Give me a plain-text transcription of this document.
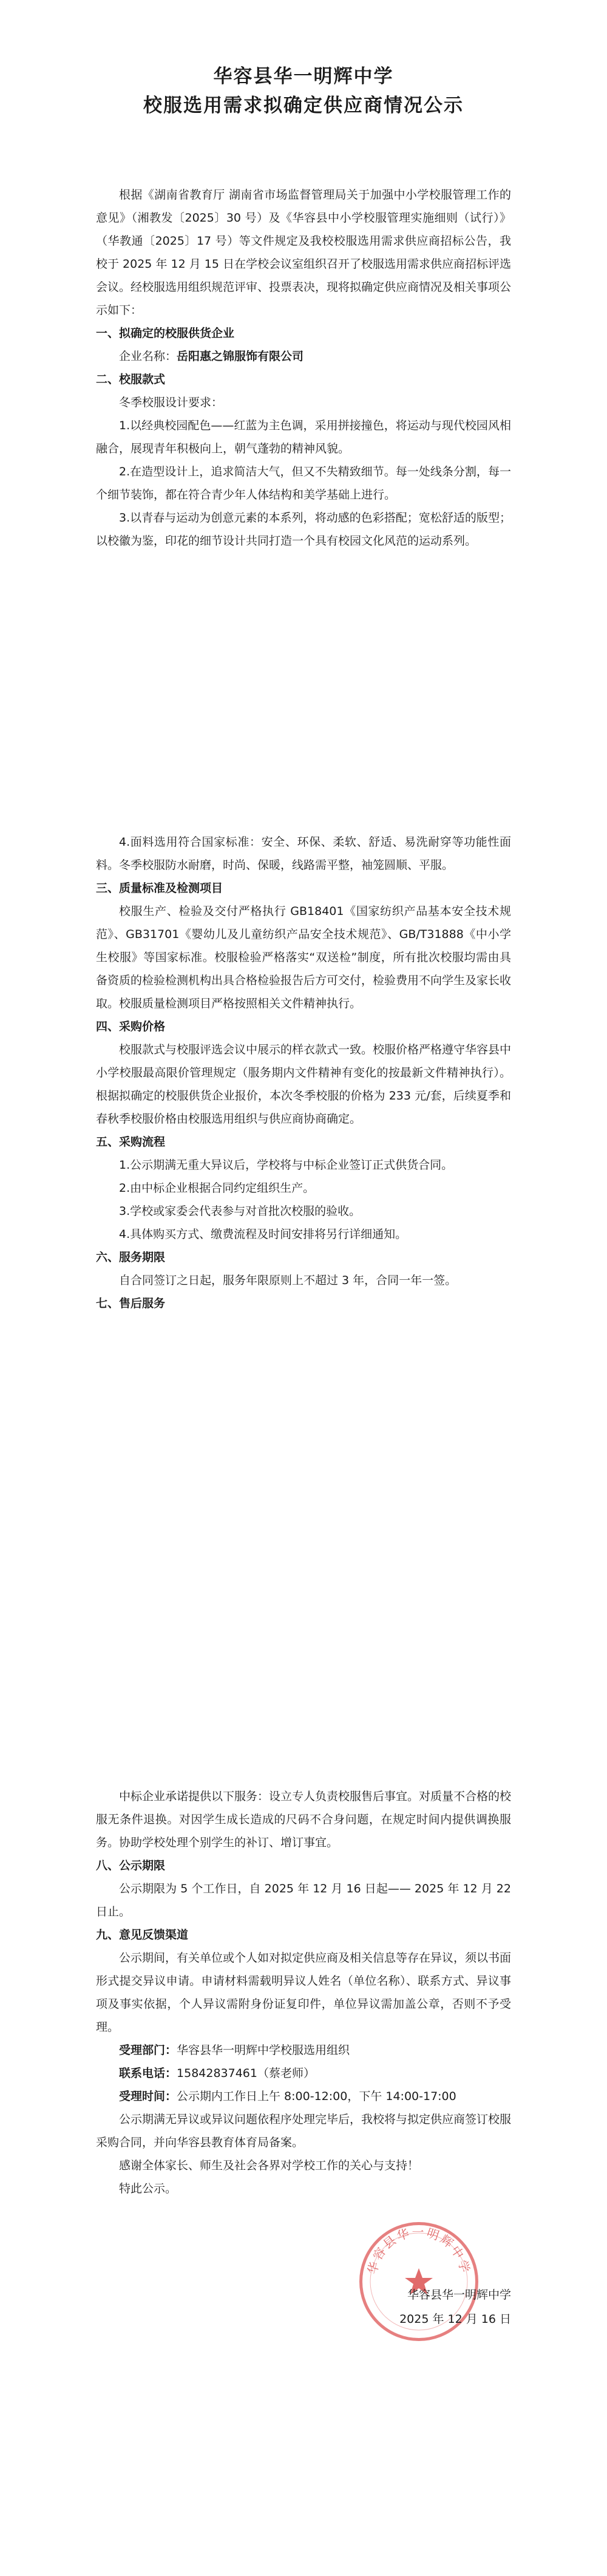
华容县华一明辉中学
校服选用需求拟确定供应商情况公示

根据《湖南省教育厅 湖南省市场监督管理局关于加强中小学校服管理工作的意见》（湘教发〔2025〕30 号）及《华容县中小学校服管理实施细则（试行）》（华教通〔2025〕17 号）等文件规定及我校校服选用需求供应商招标公告，我校于 2025 年 12 月 15 日在学校会议室组织召开了校服选用需求供应商招标评选会议。经校服选用组织规范评审、投票表决，现将拟确定供应商情况及相关事项公示如下：

一、拟确定的校服供货企业

企业名称：岳阳惠之锦服饰有限公司

二、校服款式

冬季校服设计要求：

1.以经典校园配色——红蓝为主色调，采用拼接撞色，将运动与现代校园风相融合，展现青年积极向上，朝气蓬勃的精神风貌。

2.在造型设计上，追求简洁大气，但又不失精致细节。每一处线条分割，每一个细节装饰，都在符合青少年人体结构和美学基础上进行。

3.以青春与运动为创意元素的本系列，将动感的色彩搭配；宽松舒适的版型；以校徽为鉴，印花的细节设计共同打造一个具有校园文化风范的运动系列。

4.面料选用符合国家标准：安全、环保、柔软、舒适、易洗耐穿等功能性面料。冬季校服防水耐磨，时尚、保暖，线路需平整，袖笼圆顺、平服。

三、质量标准及检测项目

校服生产、检验及交付严格执行 GB18401《国家纺织产品基本安全技术规范》、GB31701《婴幼儿及儿童纺织产品安全技术规范》、GB/T31888《中小学生校服》等国家标准。校服检验严格落实“双送检”制度，所有批次校服均需由具备资质的检验检测机构出具合格检验报告后方可交付，检验费用不向学生及家长收取。校服质量检测项目严格按照相关文件精神执行。

四、采购价格

校服款式与校服评选会议中展示的样衣款式一致。校服价格严格遵守华容县中小学校服最高限价管理规定（服务期内文件精神有变化的按最新文件精神执行）。根据拟确定的校服供货企业报价，本次冬季校服的价格为 233 元/套，后续夏季和春秋季校服价格由校服选用组织与供应商协商确定。

五、采购流程

1.公示期满无重大异议后，学校将与中标企业签订正式供货合同。

2.由中标企业根据合同约定组织生产。

3.学校或家委会代表参与对首批次校服的验收。

4.具体购买方式、缴费流程及时间安排将另行详细通知。

六、服务期限

自合同签订之日起，服务年限原则上不超过 3 年，合同一年一签。

七、售后服务

中标企业承诺提供以下服务：设立专人负责校服售后事宜。对质量不合格的校服无条件退换。对因学生成长造成的尺码不合身问题，在规定时间内提供调换服务。协助学校处理个别学生的补订、增订事宜。

八、公示期限

公示期限为 5 个工作日，自 2025 年 12 月 16 日起—— 2025 年 12 月 22 日止。

九、意见反馈渠道

公示期间，有关单位或个人如对拟定供应商及相关信息等存在异议，须以书面形式提交异议申请。申请材料需载明异议人姓名（单位名称）、联系方式、异议事项及事实依据，个人异议需附身份证复印件，单位异议需加盖公章，否则不予受理。

受理部门：华容县华一明辉中学校服选用组织

联系电话：15842837461（蔡老师）

受理时间：公示期内工作日上午 8:00-12:00，下午 14:00-17:00

公示期满无异议或异议问题依程序处理完毕后，我校将与拟定供应商签订校服采购合同，并向华容县教育体育局备案。

感谢全体家长、师生及社会各界对学校工作的关心与支持！

特此公示。

华容县华一明辉中学
华容县华一明辉中学
2025 年 12 月 16 日
